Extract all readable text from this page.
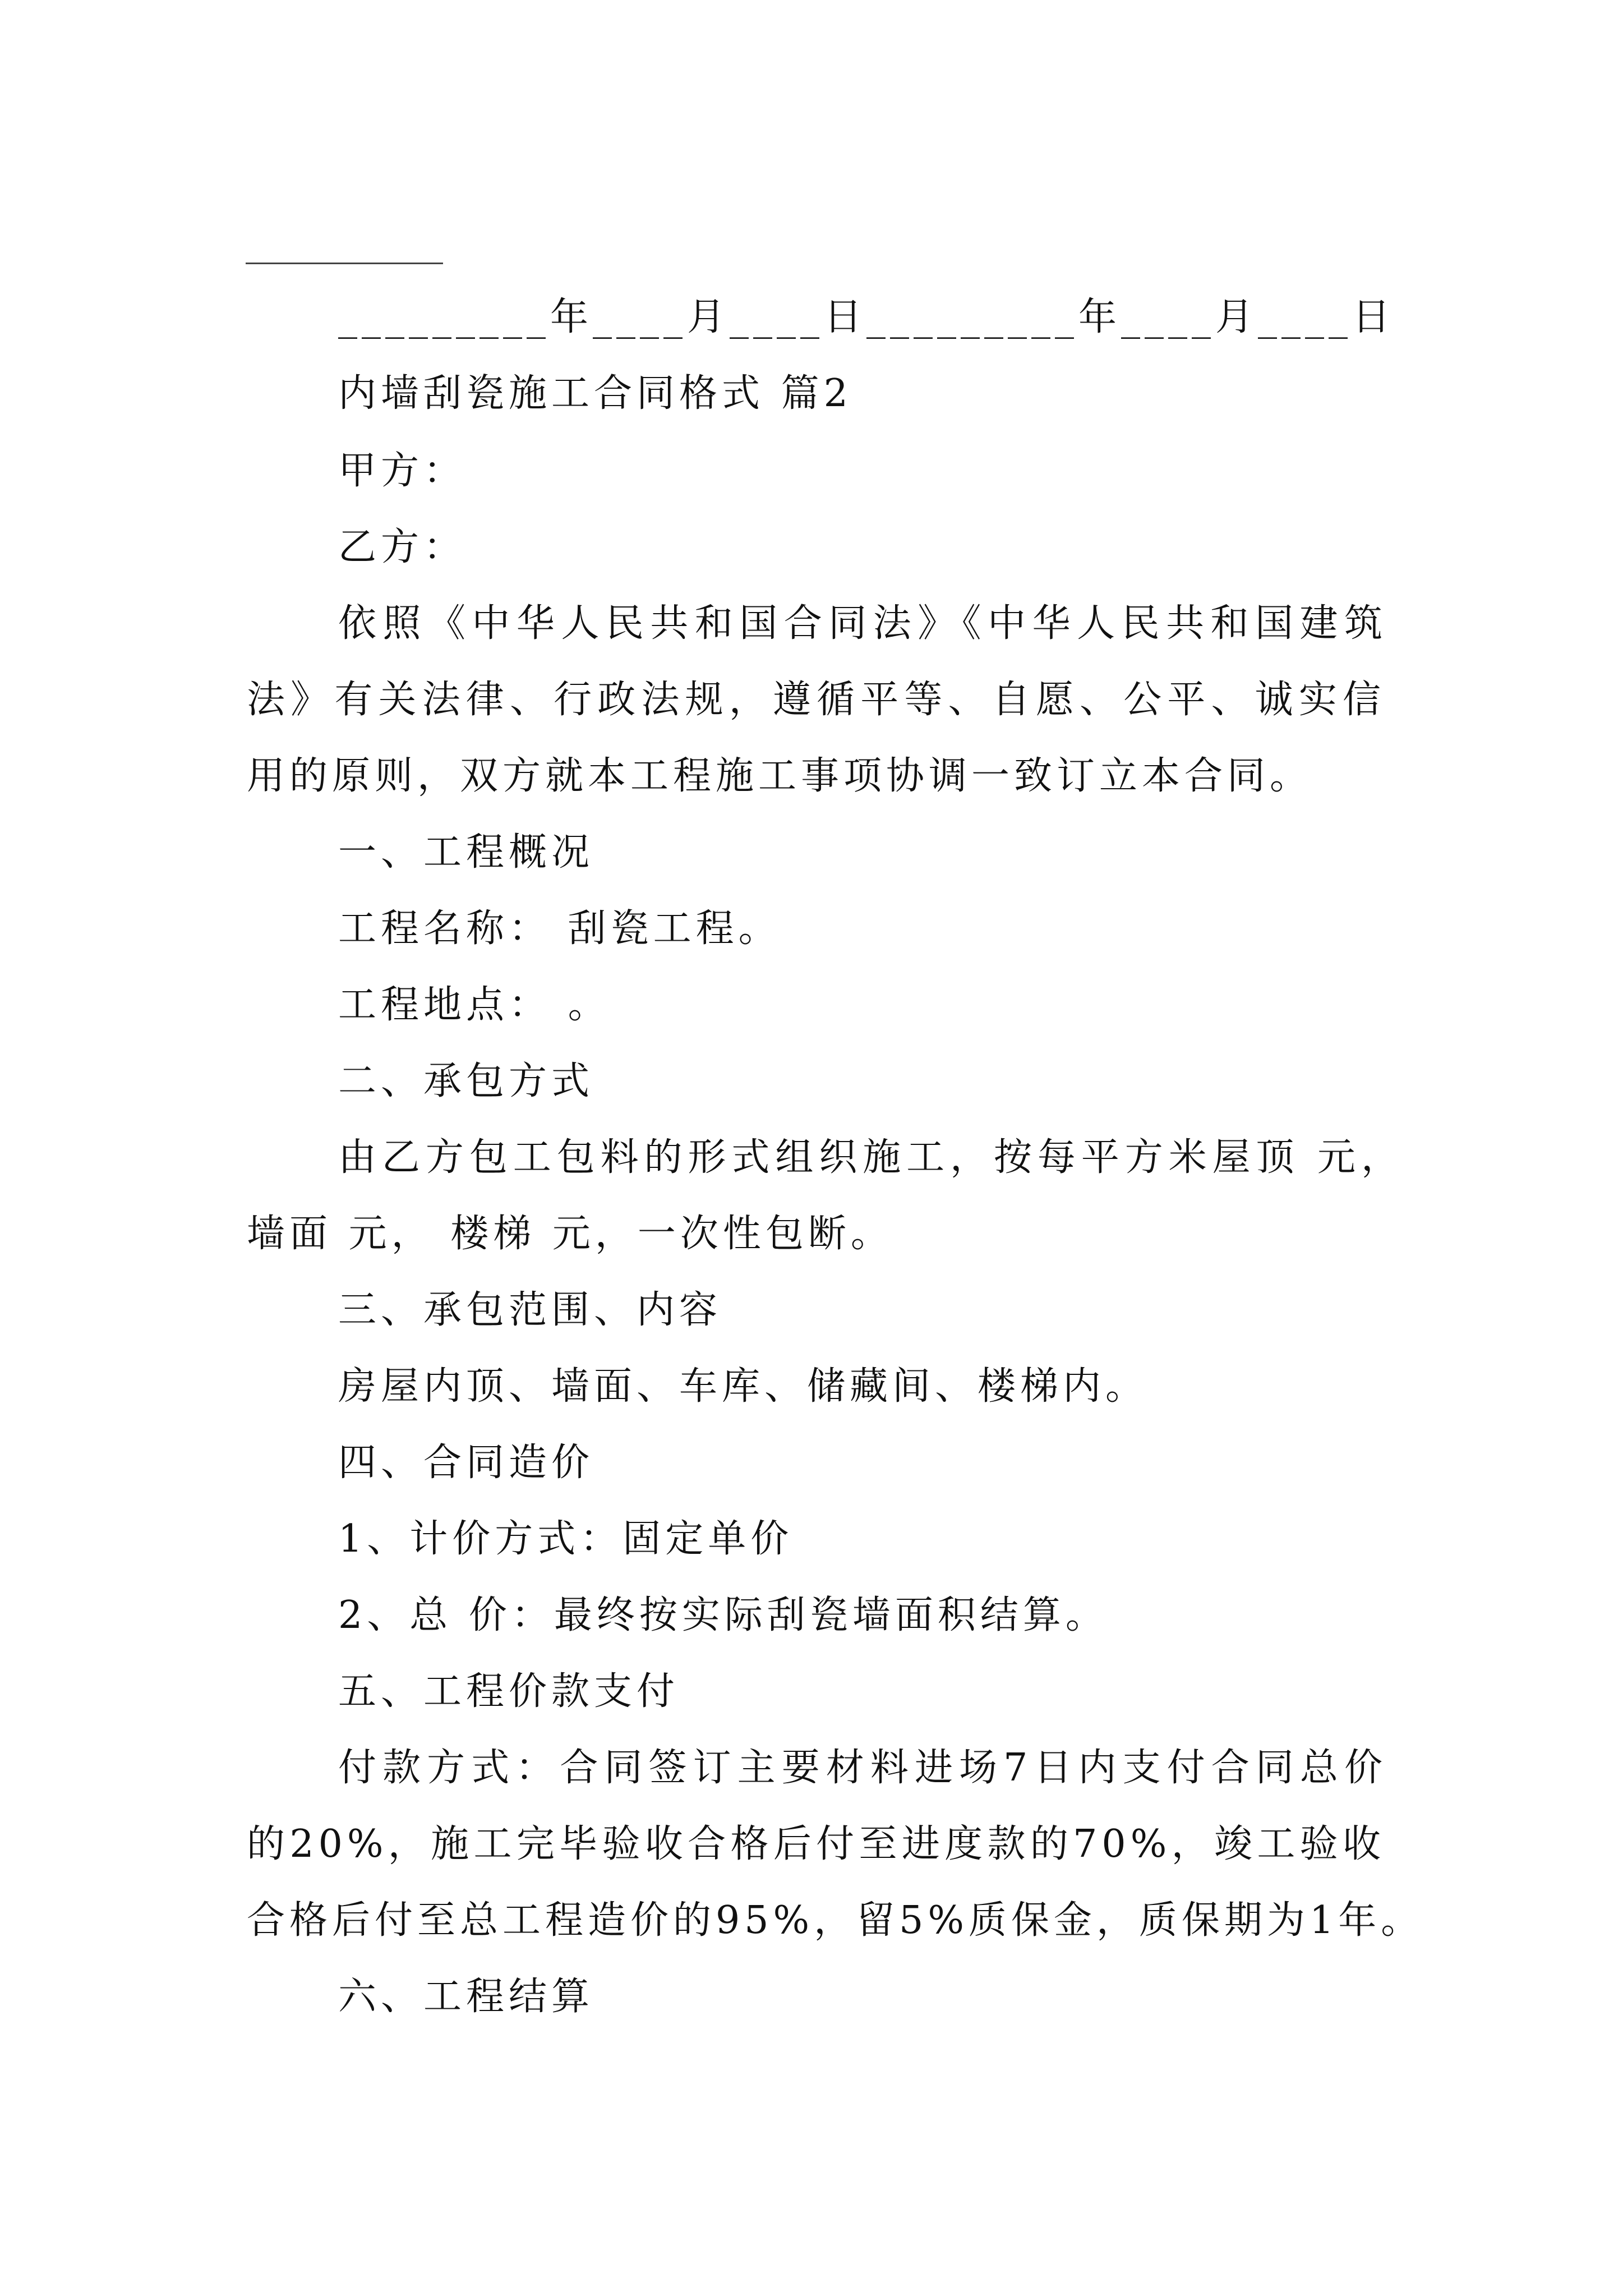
_________年____月____日_________年____月____日
内墙刮瓷施工合同格式 篇2
甲方：
乙方：
依照《中华人民共和国合同法》《中华人民共和国建筑
法》有关法律、行政法规，遵循平等、自愿、公平、诚实信
用的原则，双方就本工程施工事项协调一致订立本合同。
一、工程概况
工程名称： 刮瓷工程。
工程地点： 。
二、承包方式
由乙方包工包料的形式组织施工，按每平方米屋顶 元，
墙面 元， 楼梯 元，一次性包断。
三、承包范围、内容
房屋内顶、墙面、车库、储藏间、楼梯内。
四、合同造价
1、计价方式：固定单价
2、总 价：最终按实际刮瓷墙面积结算。
五、工程价款支付
付款方式：合同签订主要材料进场7日内支付合同总价
的20%，施工完毕验收合格后付至进度款的70%，竣工验收
合格后付至总工程造价的95%，留5%质保金，质保期为1年。
六、工程结算
